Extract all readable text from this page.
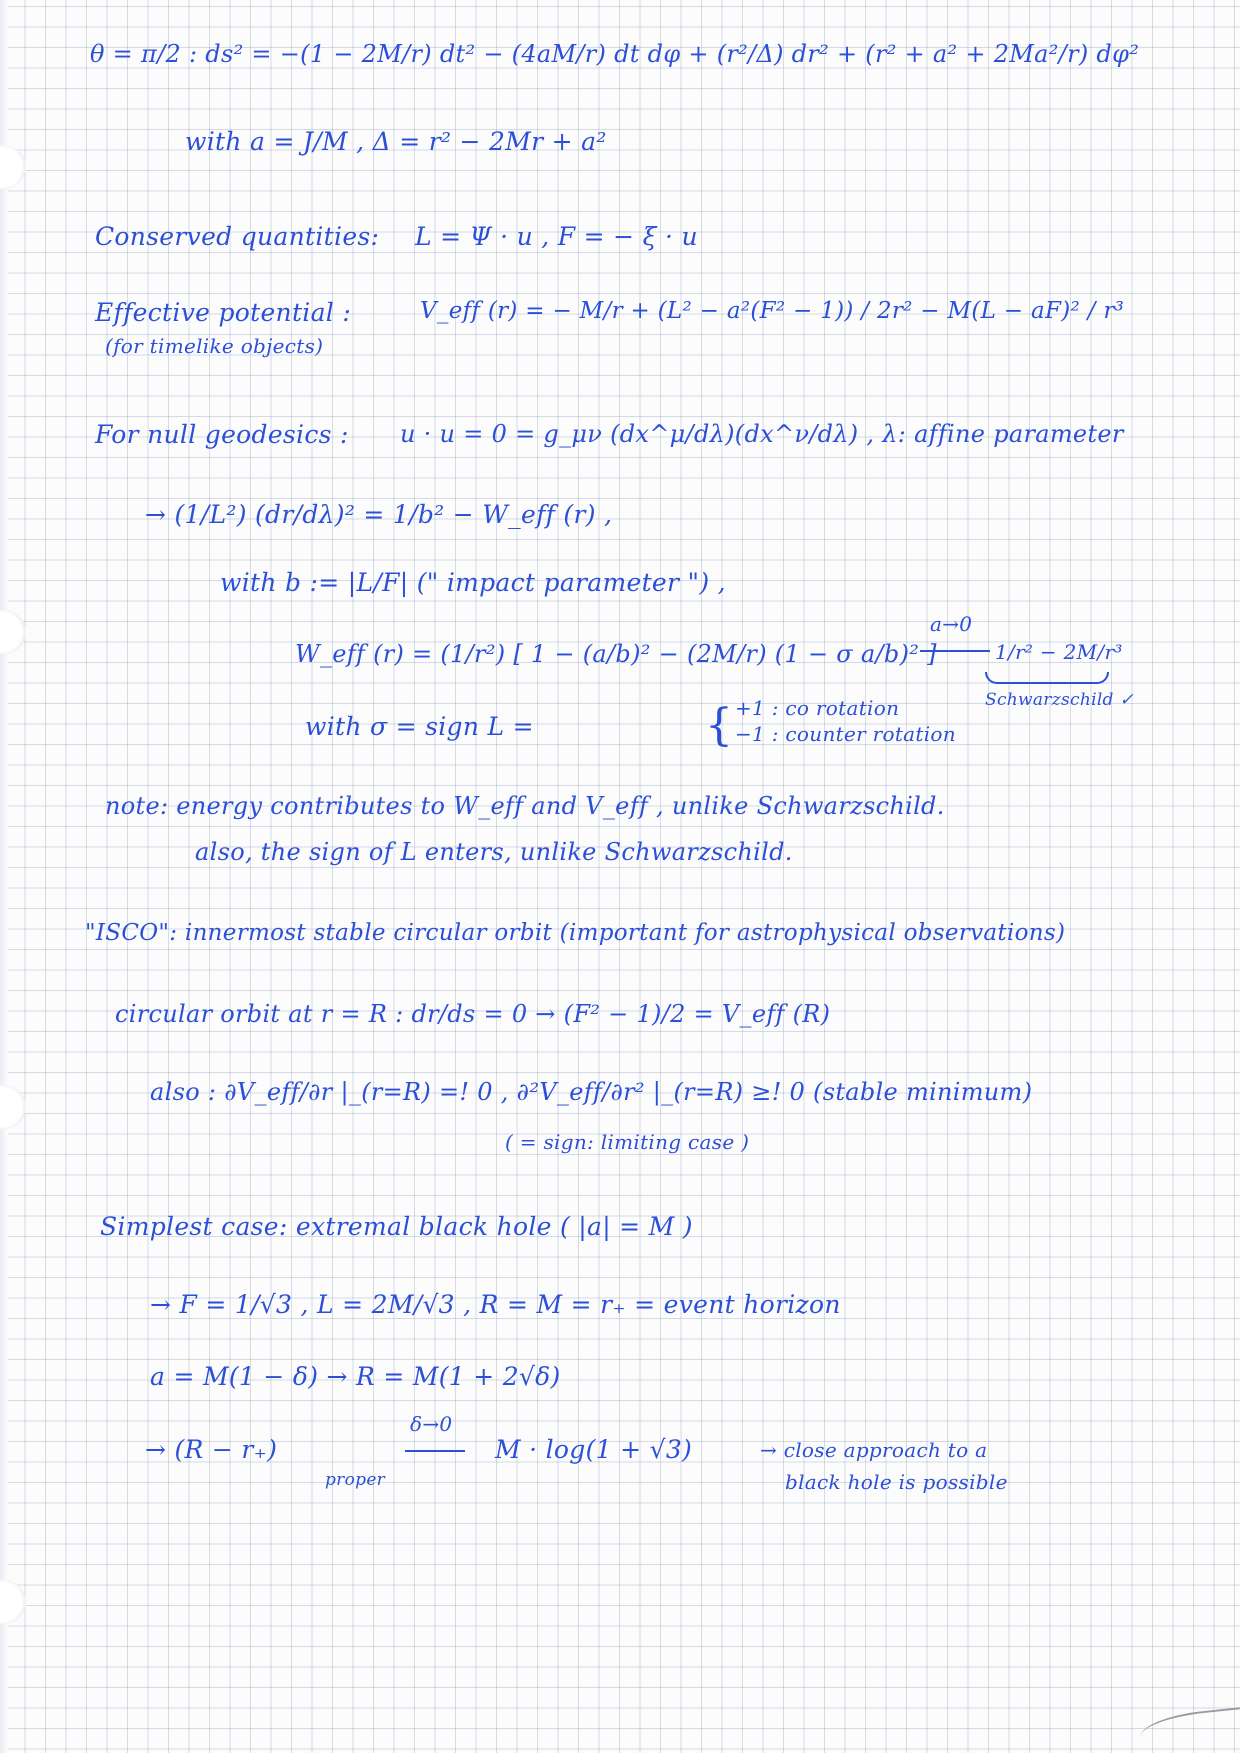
θ = π/2 : ds² = −(1 − 2M/r) dt² − (4aM/r) dt dφ + (r²/Δ) dr² + (r² + a² + 2Ma²/r) dφ²
with a = J/M , Δ = r² − 2Mr + a²
Conserved quantities: L = Ψ · u , F = − ξ · u
Effective potential :
(for timelike objects)
V_eff (r) = − M/r + (L² − a²(F² − 1)) / 2r² − M(L − aF)² / r³
For null geodesics : u · u = 0 = g_μν (dx^μ/dλ)(dx^ν/dλ) , λ: affine parameter
→ (1/L²) (dr/dλ)² = 1/b² − W_eff (r) ,
with b := |L/F| (" impact parameter ") ,
W_eff (r) = (1/r²) [ 1 − (a/b)² − (2M/r) (1 − σ a/b)² ]
a→0
1/r² − 2M/r³
Schwarzschild ✓
with σ = sign L =	{ +1 : co rotation
−1 : counter rotation
note: energy contributes to W_eff and V_eff , unlike Schwarzschild.
also, the sign of L enters, unlike Schwarzschild.
"ISCO": innermost stable circular orbit (important for astrophysical observations)
circular orbit at r = R : dr/ds = 0 → (F² − 1)/2 = V_eff (R)
also : ∂V_eff/∂r |_(r=R) =! 0 , ∂²V_eff/∂r² |_(r=R) ≥! 0 (stable minimum)
( = sign: limiting case )
Simplest case: extremal black hole ( |a| = M )
→ F = 1/√3 , L = 2M/√3 , R = M = r₊ = event horizon
a = M(1 − δ) → R = M(1 + 2√δ)
→ (R − r₊)
proper
δ→0
M · log(1 + √3)	→ close approach to a
black hole is possible
